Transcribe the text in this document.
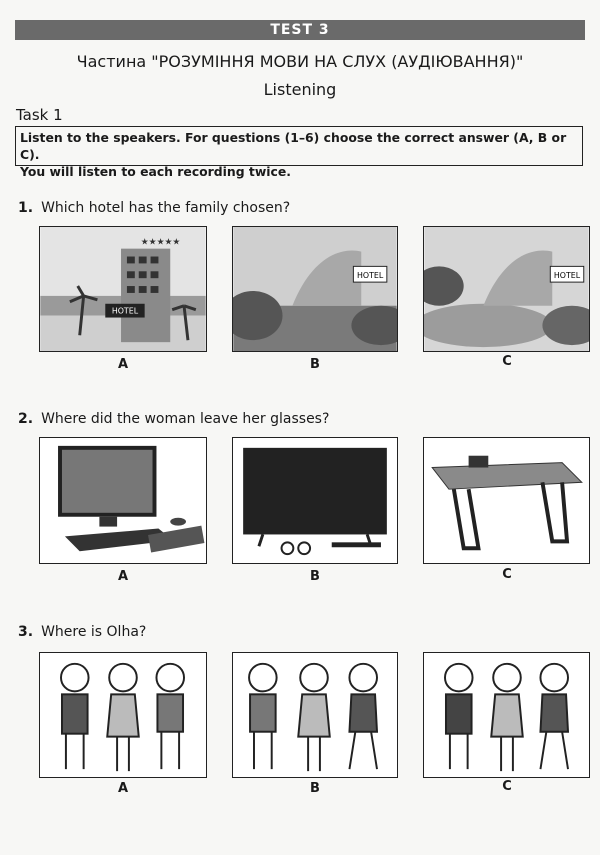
TEST 3
Частина "РОЗУМІННЯ МОВИ НА СЛУХ (АУДІЮВАННЯ)"
Listening
Task 1
Listen to the speakers. For questions (1–6) choose the correct answer (A, B or C).
You will listen to each recording twice.
1. Which hotel has the family chosen?
★★★★★
HOTEL
HOTEL	HOTEL
A	B	C
2. Where did the woman leave her glasses?
A	B	C
3. Where is Olha?
A	B	C
